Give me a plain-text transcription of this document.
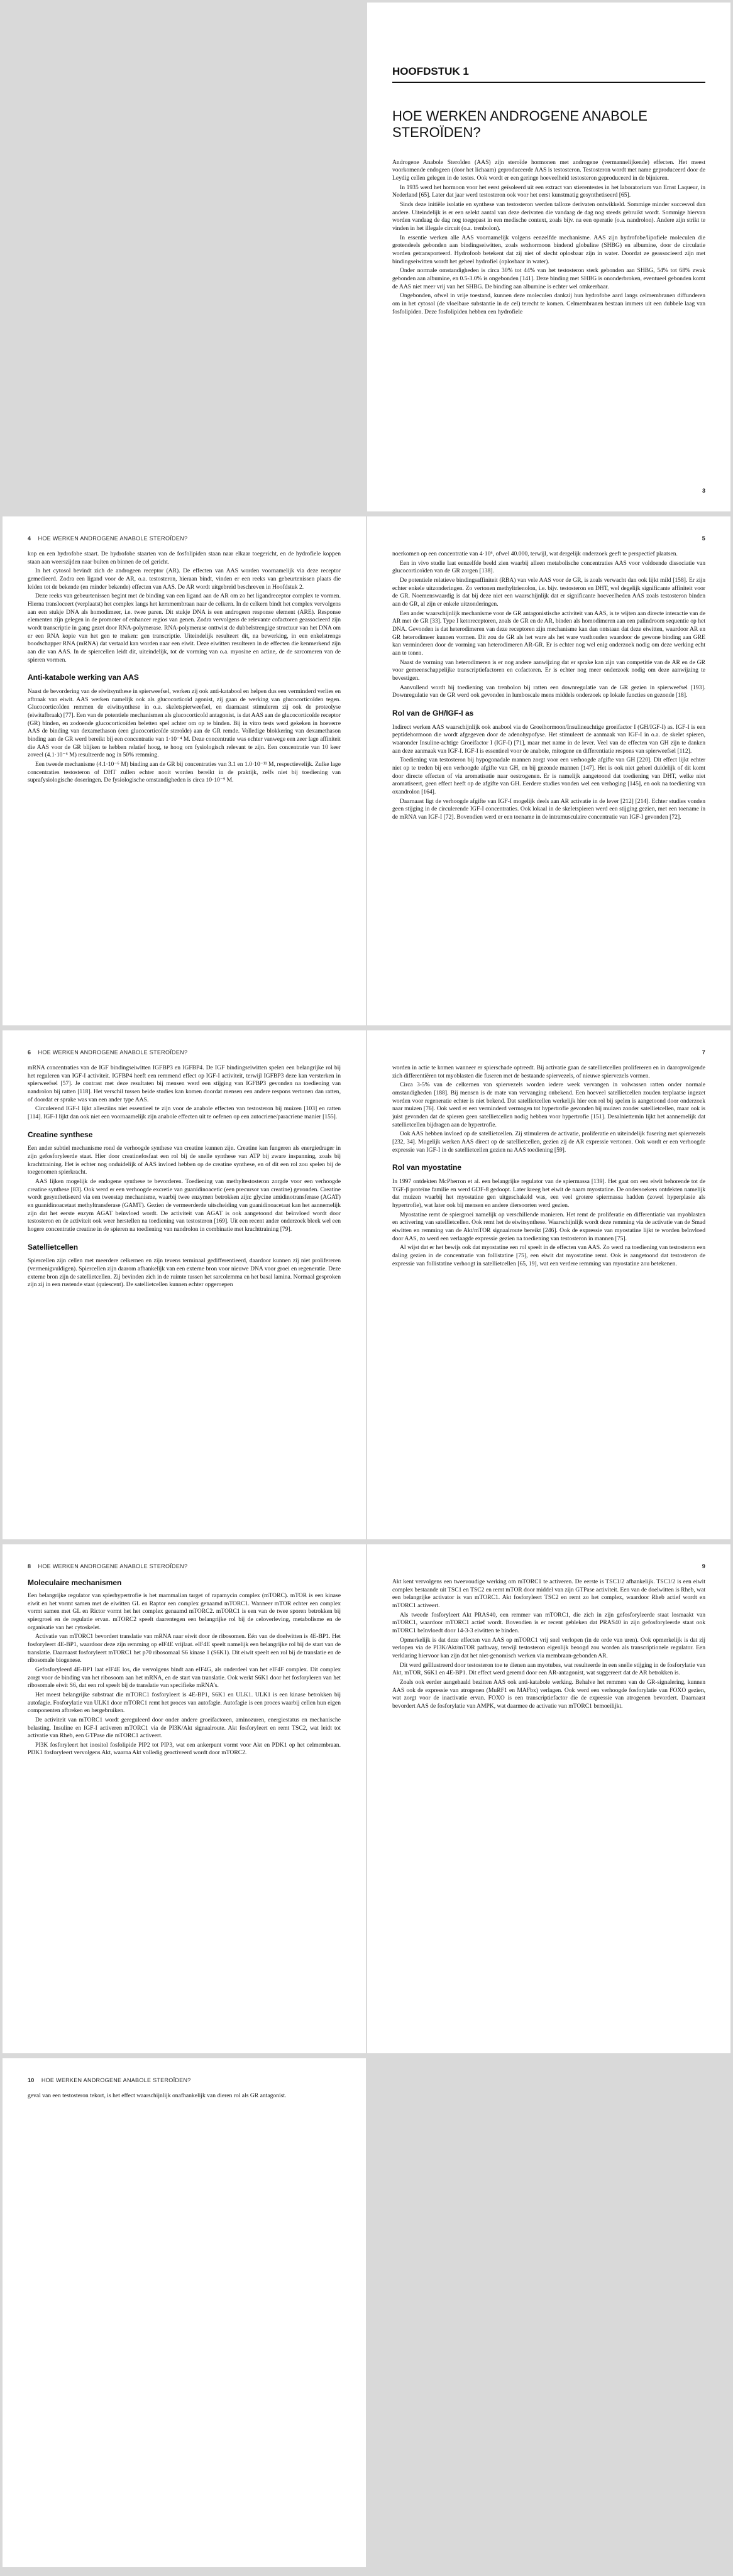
HOOFDSTUK 1
HOE WERKEN ANDROGENE ANABOLE STEROÏDEN?

Androgene Anabole Steroïden (AAS) zijn steroïde hormonen met androgene (vermannelijkende) effecten. Het meest voorkomende endogeen (door het lichaam) geproduceerde AAS is testosteron. Testosteron wordt met name geproduceerd door de Leydig cellen gelegen in de testes. Ook wordt er een geringe hoeveelheid testosteron geproduceerd in de bijnieren.

In 1935 werd het hormoon voor het eerst geïsoleerd uit een extract van stierentestes in het laboratorium van Ernst Laqueur, in Nederland [65]. Later dat jaar werd testosteron ook voor het eerst kunstmatig gesynthetiseerd [65].

Sinds deze initiële isolatie en synthese van testosteron werden talloze derivaten ontwikkeld. Sommige minder succesvol dan andere. Uiteindelijk is er een selekt aantal van deze derivaten die vandaag de dag nog steeds gebruikt wordt. Sommige hiervan worden vandaag de dag nog toegepast in een medische context, zoals bijv. na een operatie (o.a. nandrolon). Andere zijn strikt te vinden in het illegale circuit (o.a. trenbolon).

In essentie werken alle AAS voornamelijk volgens eenzelfde mechanisme. AAS zijn hydrofobe/lipofiele moleculen die grotendeels gebonden aan bindingseiwitten, zoals sexhormoon bindend globuline (SHBG) en albumine, door de circulatie worden getransporteerd. Hydrofoob betekent dat zij niet of slecht oplosbaar zijn in water. Doordat ze geassocieerd zijn met bindingseiwitten wordt het geheel hydrofiel (oplosbaar in water).

Onder normale omstandigheden is circa 30% tot 44% van het testosteron sterk gebonden aan SHBG, 54% tot 68% zwak gebonden aan albumine, en 0.5-3.0% is ongebonden [141]. Deze binding met SHBG is ononderbroken, eventueel gebonden komt de AAS niet meer vrij van het SHBG. De binding aan albumine is echter wel omkeerbaar.

Ongebonden, ofwel in vrije toestand, kunnen deze moleculen dankzij hun hydrofobe aard langs celmembranen diffunderen om in het cytosol (de vloeibare substantie in de cel) terecht te komen. Celmembranen bestaan immers uit een dubbele laag van fosfolipiden. Deze fosfolipiden hebben een hydrofiele

3
4 HOE WERKEN ANDROGENE ANABOLE STEROÏDEN?

kop en een hydrofobe staart. De hydrofobe staarten van de fosfolipiden staan naar elkaar toegericht, en de hydrofiele koppen staan aan weerszijden naar buiten en binnen de cel gericht.

In het cytosol bevindt zich de androgeen receptor (AR). De effecten van AAS worden voornamelijk via deze receptor gemedieerd. Zodra een ligand voor de AR, o.a. testosteron, hieraan bindt, vinden er een reeks van gebeurtenissen plaats die leiden tot de bekende (en minder bekende) effecten van AAS. De AR wordt uitgebreid beschreven in Hoofdstuk 2.

Deze reeks van gebeurtenissen begint met de binding van een ligand aan de AR om zo het ligandreceptor complex te vormen. Hierna transloceert (verplaatst) het complex langs het kernmembraan naar de celkern. In de celkern bindt het complex vervolgens aan een stukje DNA als homodimeer, i.e. twee paren. Dit stukje DNA is een androgeen response element (ARE). Response elementen zijn gelegen in de promoter of enhancer regios van genen. Zodra vervolgens de relevante cofactoren geassocieerd zijn wordt transcriptie in gang gezet door RNA-polymerase. RNA-polymerase onttwist de dubbelstrengige structuur van het DNA om er een RNA kopie van het gen te maken: gen transcriptie. Uiteindelijk resulteert dit, na bewerking, in een enkelstrengs boodschapper RNA (mRNA) dat vertaald kan worden naar een eiwit. Deze eiwitten resulteren in de effecten die kenmerkend zijn aan die van AAS. In de spiercellen leidt dit, uiteindelijk, tot de vorming van o.a. myosine en actine, de de sarcomeren van de spieren vormen.

Anti-katabole werking van AAS

Naast de bevordering van de eiwitsynthese in spierweefsel, werken zij ook anti-katabool en helpen dus een verminderd verlies en afbraak van eiwit. AAS werken namelijk ook als glucocorticoïd agonist, zij gaan de werking van glucocorticoïden tegen. Glucocorticoïden remmen de eiwitsynthese in o.a. skeletspierweefsel, en daarnaast stimuleren zij ook de proteolyse (eiwitafbraak) [77]. Een van de potentiele mechanismen als glucocorticoïd antagonist, is dat AAS aan de glucocorticoïde receptor (GR) binden, en zodoende glucocorticoïden beletten spel achter om op te binden. Bij in vitro tests werd gekeken in hoeverre AAS de binding van dexamethason (een glucocorticoïde steroïde) aan de GR remde. Volledige blokkering van dexamethason binding aan de GR werd bereikt bij een concentratie van 1·10⁻⁴ M. Deze concentratie was echter vanwege een zeer lage affiniteit die AAS voor de GR blijken te hebben relatief hoog, te hoog om fysiologisch relevant te zijn. Een concentratie van 10 keer zoveel (4.1·10⁻⁶ M) resulteerde nog in 50% remming.

Een tweede mechanisme (4.1·10⁻⁶ M) binding aan de GR bij concentraties van 3.1 en 1.0·10⁻¹¹ M, respectievelijk. Zulke lage concentraties testosteron of DHT zullen echter nooit worden bereikt in de praktijk, zelfs niet bij toediening van suprafysiologische doseringen. De fysiologische omstandigheden is circa 10·10⁻⁹ M.

5

noerkomen op een concentratie van 4·10⁶, ofwel 40.000, terwijl, wat dergelijk onderzoek geeft te perspectief plaatsen.

Een in vivo studie laat eenzelfde beeld zien waarbij alleen metabolische concentraties AAS voor voldoende dissociatie van glucocorticoïden van de GR zorgen [138].

De potentiele relatieve bindingsaffiniteit (RBA) van vele AAS voor de GR, is zoals verwacht dan ook lijkt mild [158]. Er zijn echter enkele uitzonderingen. Zo vertonen methyltrienolon, i.e. bijv. testosteron en DHT, wel degelijk significante affiniteit voor de GR. Noemenswaardig is dat bij deze niet een waarschijnlijk dat er significante hoeveelheden AAS zoals testosteron binden aan de GR, al zijn er enkele uitzonderingen.

Een ander waarschijnlijk mechanisme voor de GR antagonistische activiteit van AAS, is te wijten aan directe interactie van de AR met de GR [33]. Type I ketoreceptoren, zoals de GR en de AR, binden als homodimeren aan een palindroom sequentie op het DNA. Gevonden is dat heterodimeren van deze receptoren zijn mechanisme kan dan ontstaan dat deze eiwitten, waardoor AR en GR heterodimeer kunnen vormen. Dit zou de GR als het ware als het ware vasthouden waardoor de gewone binding aan GRE kan verminderen door de vorming van heterodimeren AR-GR. Er is echter nog wel enig onderzoek nodig om deze werking echt aan te tonen.

Naast de vorming van heterodimeren is er nog andere aanwijzing dat er sprake kan zijn van competitie van de AR en de GR voor gemeenschappelijke transcriptiefactoren en cofactoren. Er is echter nog meer onderzoek nodig om deze aanwijzing te bevestigen.

Aanvullend wordt bij toediening van trenbolon bij ratten een downregulatie van de GR gezien in spierweefsel [193]. Downregulatie van de GR werd ook gevonden in lumboscale mens middels onderzoek op lokale functies en gezonde [18].

Rol van de GH/IGF-I as

Indirect werken AAS waarschijnlijk ook anabool via de Groeihormoon/Insulineachtige groeifactor I (GH/IGF-I) as. IGF-I is een peptidehormoon die wordt afgegeven door de adenohypofyse. Het stimuleert de aanmaak van IGF-I in o.a. de skelet spieren, waaronder Insuline-achtige Groeifactor I (IGF-I) [71], maar met name in de lever. Veel van de effecten van GH zijn te danken aan deze aanmaak van IGF-I. IGF-I is essentieel voor de anabole, mitogene en differentiatie respons van spierweefsel [112].

Toediening van testosteron bij hypogonadale mannen zorgt voor een verhoogde afgifte van GH [220]. Dit effect lijkt echter niet op te treden bij een verhoogde afgifte van GH, en bij gezonde mannen [147]. Het is ook niet geheel duidelijk of dit komt door directe effecten of via aromatisatie naar oestrogenen. Er is namelijk aangetoond dat toediening van DHT, welke niet aromatiseert, geen effect heeft op de afgifte van GH. Eerdere studies vonden wel een verhoging [145], en ook na toediening van oxandrolon [164].

Daarnaast ligt de verhoogde afgifte van IGF-I mogelijk deels aan AR activatie in de lever [212] [214]. Echter studies vonden geen stijging in de circulerende IGF-I concentraties. Ook lokaal in de skeletspieren werd een stijging gezien, met een toename in de mRNA van IGF-I [72]. Bovendien werd er een toename in de intramusculaire concentratie van IGF-I gevonden [72].

6 HOE WERKEN ANDROGENE ANABOLE STEROÏDEN?

mRNA concentraties van de IGF bindingseiwitten IGFBP3 en IGFBP4. De IGF bindingseiwitten spelen een belangrijke rol bij het reguleren van IGF-I activiteit. IGFBP4 heeft een remmend effect op IGF-I activiteit, terwijl IGFBP3 deze kan versterken in spierweefsel [57]. Je contrast met deze resultaten bij mensen werd een stijging van IGFBP3 gevonden na toediening van nandrolon bij ratten [118]. Het verschil tussen beide studies kan komen doordat mensen een andere respons vertonen dan ratten, of doordat er sprake was van een ander type AAS.

Circulerend IGF-I lijkt allesziins niet essentieel te zijn voor de anabole effecten van testosteron bij muizen [103] en ratten [114]. IGF-I lijkt dan ook niet een voornaamelijk zijn anabole effecten uit te oefenen op een autocriene/paracriene manier [155].

Creatine synthese

Een ander subtiel mechanisme rond de verhoogde synthese van creatine kunnen zijn. Creatine kan fungeren als energiedrager in zijn gefosforyleerde staat. Hier door creatinefosfaat een rol bij de snelle synthese van ATP bij zware inspanning, zoals bij krachttraining. Het is echter nog onduidelijk of AAS invloed hebben op de creatine synthese, en of dit een rol zou spelen bij de toegenomen spierkracht.

AAS lijken mogelijk de endogene synthese te bevorderen. Toediening van methyltestosteron zorgde voor een verhoogde creatine synthese [83]. Ook werd er een verhoogde excretie van guanidinoacetic (een precursor van creatine) gevonden. Creatine wordt gesynthetiseerd via een tweestap mechanisme, waarbij twee enzymen betrokken zijn: glycine amidinotransferase (AGAT) en guanidinoacetaat methyltransferase (GAMT). Gezien de vermeerderde uitscheiding van guanidinoacetaat kan het aannemelijk zijn dat het eerste enzym AGAT beïnvloed wordt. De activiteit van AGAT is ook aangetoond dat beïnvloed wordt door testosteron en de activiteit ook weer herstellen na toediening van testosteron [169]. Uit een recent ander onderzoek bleek wel een hogere concentratie creatine in de spieren na toediening van nandrolon in combinatie met krachttraining [79].

Satellietcellen

Spiercellen zijn cellen met meerdere celkernen en zijn tevens terminaal gedifferentieerd, daardoor kunnen zij niet prolifereren (vermenigvuldigen). Spiercellen zijn daarom afhankelijk van een externe bron voor nieuwe DNA voor groei en regeneratie. Deze externe bron zijn de satellietcellen. Zij bevinden zich in de ruimte tussen het sarcolemma en het basal lamina. Normaal gesproken zijn zij in een rustende staat (quiescent). De satellietcellen kunnen echter opgeroepen

7

worden in actie te komen wanneer er spierschade optreedt. Bij activatie gaan de satellietcellen prolifereren en in daaropvolgende zich differentiëren tot myoblasten die fuseren met de bestaande spiervezels, of nieuwe spiervezels vormen.

Circa 3-5% van de celkernen van spiervezels worden iedere week vervangen in volwassen ratten onder normale omstandigheden [188]. Bij mensen is de mate van vervanging onbekend. Een hoeveel satellietcellen zouden terplaatse ingezet worden voor regeneratie echter is niet bekend. Dat satellietcellen werkelijk hier een rol bij spelen is aangetoond door onderzoek naar muizen [76]. Ook werd er een verminderd vermogen tot hypertrofie gevonden bij muizen zonder satellietcellen, maar ook is juist gevonden dat de spieren geen satellietcellen nodig hebben voor hypertrofie [151]. Desalniettemin lijkt het aannemelijk dat satellietcellen bijdragen aan de hypertrofie.

Ook AAS hebben invloed op de satellietcellen. Zij stimuleren de activatie, proliferatie en uiteindelijk fusering met spiervezels [232, 34]. Mogelijk werken AAS direct op de satellietcellen, gezien zij de AR expressie vertonen. Ook wordt er een verhoogde expressie van IGF-I in de satellietcellen gezien na AAS toediening [59].

Rol van myostatine

In 1997 ontdekten McPherron et al. een belangrijke regulator van de spiermassa [139]. Het gaat om een eiwit behorende tot de TGF-β proteïne familie en werd GDF-8 gedoopt. Later kreeg het eiwit de naam myostatine. De ondersoekers ontdekten namelijk dat muizen waarbij het myostatine gen uitgeschakeld was, een veel grotere spiermassa hadden (zowel hyperplasie als hypertrofie), wat later ook bij mensen en andere diersoorten werd gezien.

Myostatine remt de spiergroei namelijk op verschillende manieren. Het remt de proliferatie en differentiatie van myoblasten en activering van satellietcellen. Ook remt het de eiwitsynthese. Waarschijnlijk wordt deze remming via de activatie van de Smad eiwitten en remming van de Akt/mTOR signaalroute bereikt [246]. Ook de expressie van myostatine lijkt te worden beïnvloed door AAS, zo werd een verlaagde expressie gezien na toediening van testosteron in mannen [75].

Al wijst dat er het bewijs ook dat myostatine een rol speelt in de effecten van AAS. Zo werd na toediening van testosteron een daling gezien in de concentratie van follistatine [75], een eiwit dat myostatine remt. Ook is aangetoond dat testosteron de expressie van follistatine verhoogt in satellietcellen [65, 19], wat een verdere remming van myostatine zou betekenen.

8 HOE WERKEN ANDROGENE ANABOLE STEROÏDEN?
Moleculaire mechanismen

Een belangrijke regulator van spierhypertrofie is het mammalian target of rapamycin complex (mTORC). mTOR is een kinase eiwit en het vormt samen met de eiwitten GL en Raptor een complex genaamd mTORC1. Wanneer mTOR echter een complex vormt samen met GL en Rictor vormt het het complex genaamd mTORC2. mTORC1 is een van de twee sporen betrokken bij spiergroei en de regulatie ervan. mTORC2 speelt daarentegen een belangrijke rol bij de celoverleving, metabolisme en de organisatie van het cytoskelet.

Activatie van mTORC1 bevordert translatie van mRNA naar eiwit door de ribosomen. Eén van de doelwitten is 4E-BP1. Het fosforyleert 4E-BP1, waardoor deze zijn remming op eIF4E vrijlaat. eIF4E speelt namelijk een belangrijke rol bij de start van de translatie. Daarnaast fosforyleert mTORC1 het p70 ribosomaal S6 kinase 1 (S6K1). Dit eiwit speelt een rol bij de translatie en de ribosomale biogenese.

Gefosforyleerd 4E-BP1 laat eIF4E los, die vervolgens bindt aan eIF4G, als onderdeel van het eIF4F complex. Dit complex zorgt voor de binding van het ribosoom aan het mRNA, en de start van translatie. Ook werkt S6K1 door het fosforyleren van het ribosomale eiwit S6, dat een rol speelt bij de translatie van specifieke mRNA's.

Het meest belangrijke substraat die mTORC1 fosforyleert is 4E-BP1, S6K1 en ULK1. ULK1 is een kinase betrokken bij autofagie. Fosforylatie van ULK1 door mTORC1 remt het proces van autofagie. Autofagie is een proces waarbij cellen hun eigen componenten afbreken en hergebruiken.

De activiteit van mTORC1 wordt gereguleerd door onder andere groeifactoren, aminozuren, energiestatus en mechanische belasting. Insuline en IGF-I activeren mTORC1 via de PI3K/Akt signaalroute. Akt fosforyleert en remt TSC2, wat leidt tot activatie van Rheb, een GTPase die mTORC1 activeert.

PI3K fosforyleert het inositol fosfolipide PIP2 tot PIP3, wat een ankerpunt vormt voor Akt en PDK1 op het celmembraan. PDK1 fosforyleert vervolgens Akt, waarna Akt volledig geactiveerd wordt door mTORC2.

9

Akt kent vervolgens een tweevoudige werking om mTORC1 te activeren. De eerste is TSC1/2 afhankelijk. TSC1/2 is een eiwit complex bestaande uit TSC1 en TSC2 en remt mTOR door middel van zijn GTPase activiteit. Een van de doelwitten is Rheb, wat een belangrijke activator is van mTORC1. Akt fosforyleert TSC2 en remt zo het complex, waardoor Rheb actief wordt en mTORC1 activeert.

Als tweede fosforyleert Akt PRAS40, een remmer van mTORC1, die zich in zijn gefosforyleerde staat losmaakt van mTORC1, waardoor mTORC1 actief wordt. Bovendien is er recent gebleken dat PRAS40 in zijn gefosforyleerde staat ook mTORC1 beïnvloedt door 14-3-3 eiwitten te binden.

Opmerkelijk is dat deze effecten van AAS op mTORC1 vrij snel verlopen (in de orde van uren). Ook opmerkelijk is dat zij verlopen via de PI3K/Akt/mTOR pathway, terwijl testosteron eigenlijk beoogd zou worden als transcriptionele regulator. Een verklaring hiervoor kan zijn dat het niet-genomisch werken via membraan-gebonden AR.

Dit werd geïllustreerd door testosteron toe te dienen aan myotubes, wat resulteerde in een snelle stijging in de fosforylatie van Akt, mTOR, S6K1 en 4E-BP1. Dit effect werd geremd door een AR-antagonist, wat suggereert dat de AR betrokken is.

Zoals ook eerder aangehaald bezitten AAS ook anti-katabole werking. Behalve het remmen van de GR-signalering, kunnen AAS ook de expressie van atrogenen (MuRF1 en MAFbx) verlagen. Ook werd een verhoogde fosforylatie van FOXO gezien, wat zorgt voor de inactivatie ervan. FOXO is een transcriptiefactor die de expressie van atrogenen bevordert. Daarnaast bevordert AAS de fosforylatie van AMPK, wat daarmee de activatie van mTORC1 bemoeilijkt.

10 HOE WERKEN ANDROGENE ANABOLE STEROÏDEN?

geval van een testosteron tekort, is het effect waarschijnlijk onafhankelijk van dieren rol als GR antagonist.
